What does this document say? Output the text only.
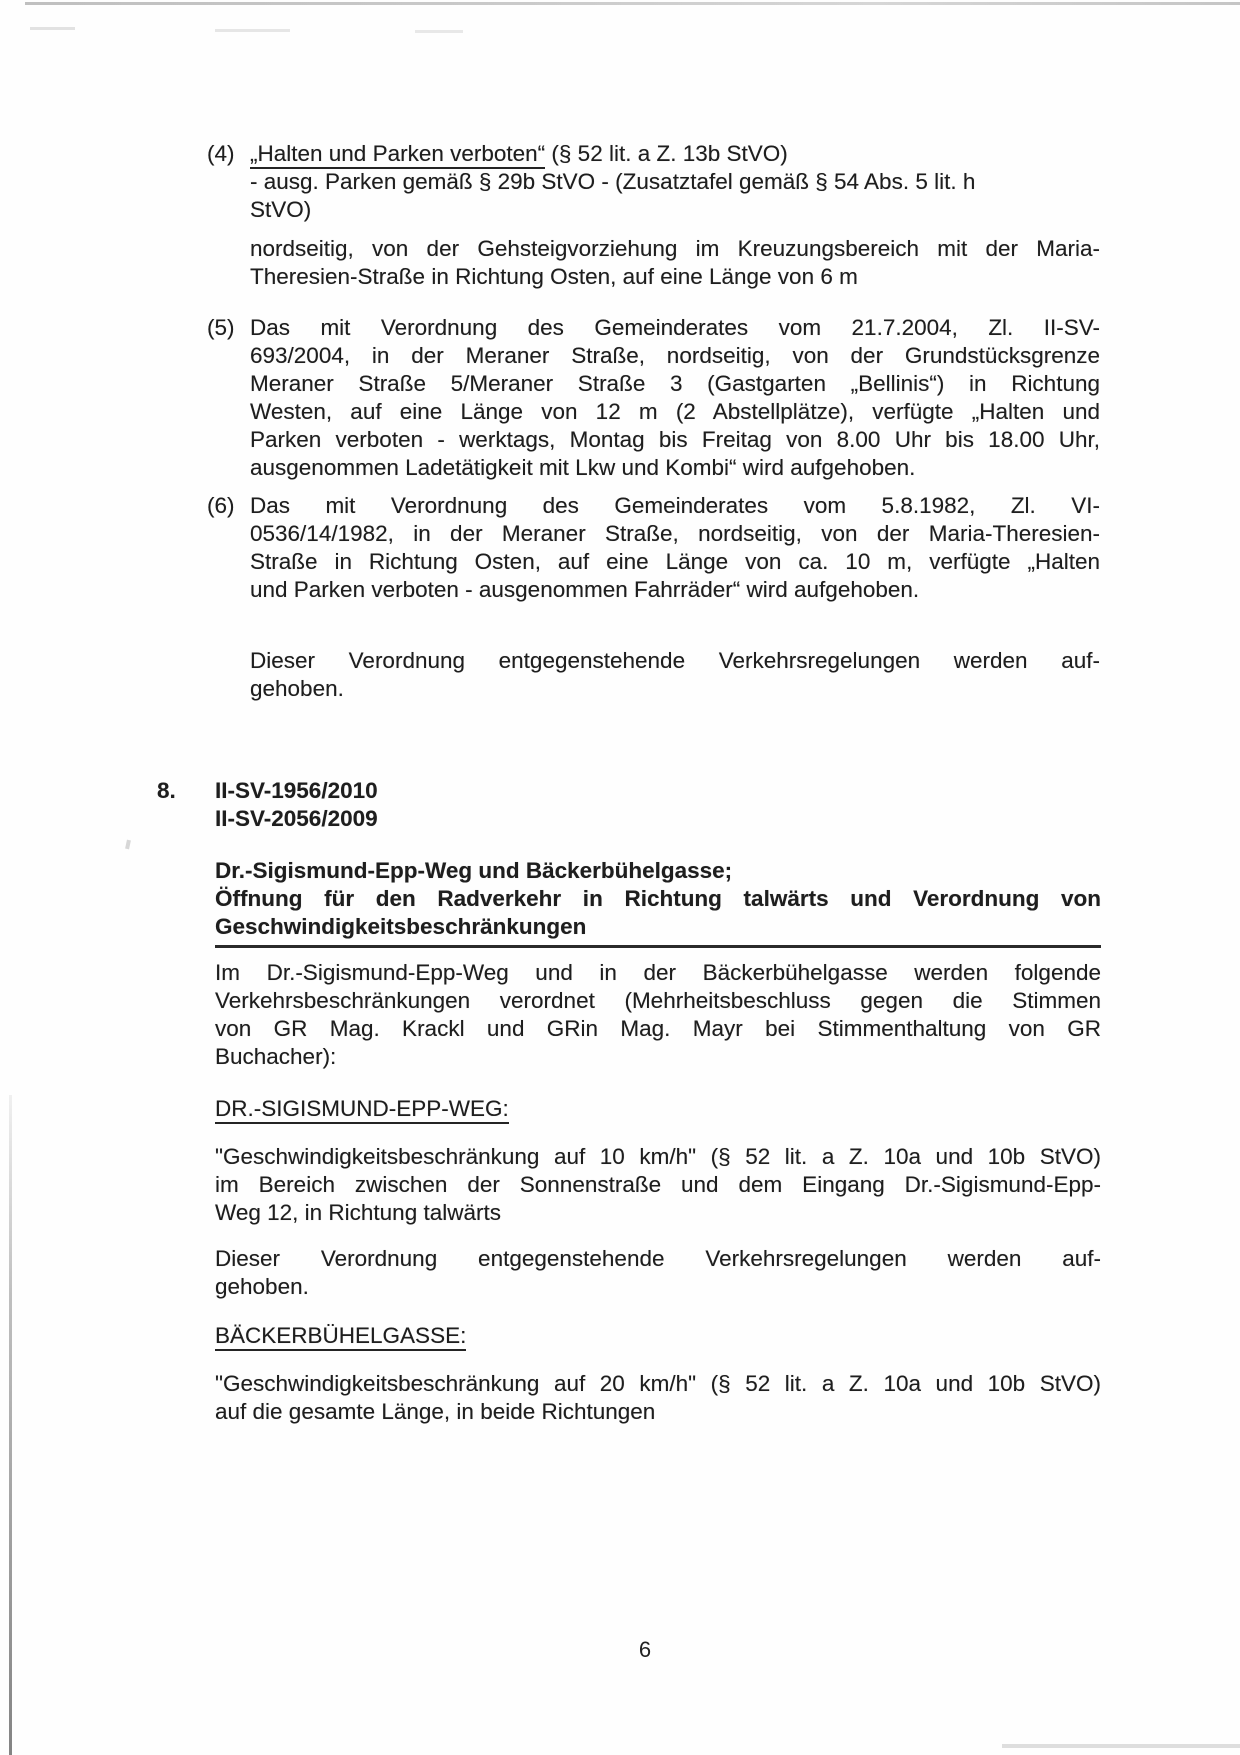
(4) „Halten und Parken verboten“ (§ 52 lit. a Z. 13b StVO)
- ausg. Parken gemäß § 29b StVO - (Zusatztafel gemäß § 54 Abs. 5 lit. h
StVO)
nordseitig, von der Gehsteigvorziehung im Kreuzungsbereich mit der Maria-
Theresien-Straße in Richtung Osten, auf eine Länge von 6 m
(5) Das mit Verordnung des Gemeinderates vom 21.7.2004, Zl. II-SV-
693/2004, in der Meraner Straße, nordseitig, von der Grundstücksgrenze
Meraner Straße 5/Meraner Straße 3 (Gastgarten „Bellinis“) in Richtung
Westen, auf eine Länge von 12 m (2 Abstellplätze), verfügte „Halten und
Parken verboten - werktags, Montag bis Freitag von 8.00 Uhr bis 18.00 Uhr,
ausgenommen Ladetätigkeit mit Lkw und Kombi“ wird aufgehoben.
(6) Das mit Verordnung des Gemeinderates vom 5.8.1982, Zl. VI-
0536/14/1982, in der Meraner Straße, nordseitig, von der Maria-Theresien-
Straße in Richtung Osten, auf eine Länge von ca. 10 m, verfügte „Halten
und Parken verboten - ausgenommen Fahrräder“ wird aufgehoben.
Dieser Verordnung entgegenstehende Verkehrsregelungen werden auf-
gehoben.
8. II-SV-1956/2010
II-SV-2056/2009
Dr.-Sigismund-Epp-Weg und Bäckerbühelgasse;
Öffnung für den Radverkehr in Richtung talwärts und Verordnung von
Geschwindigkeitsbeschränkungen
Im Dr.-Sigismund-Epp-Weg und in der Bäckerbühelgasse werden folgende
Verkehrsbeschränkungen verordnet (Mehrheitsbeschluss gegen die Stimmen
von GR Mag. Krackl und GRin Mag. Mayr bei Stimmenthaltung von GR
Buchacher):
DR.-SIGISMUND-EPP-WEG:
"Geschwindigkeitsbeschränkung auf 10 km/h" (§ 52 lit. a Z. 10a und 10b StVO)
im Bereich zwischen der Sonnenstraße und dem Eingang Dr.-Sigismund-Epp-
Weg 12, in Richtung talwärts
Dieser Verordnung entgegenstehende Verkehrsregelungen werden auf-
gehoben.
BÄCKERBÜHELGASSE:
"Geschwindigkeitsbeschränkung auf 20 km/h" (§ 52 lit. a Z. 10a und 10b StVO)
auf die gesamte Länge, in beide Richtungen
6
